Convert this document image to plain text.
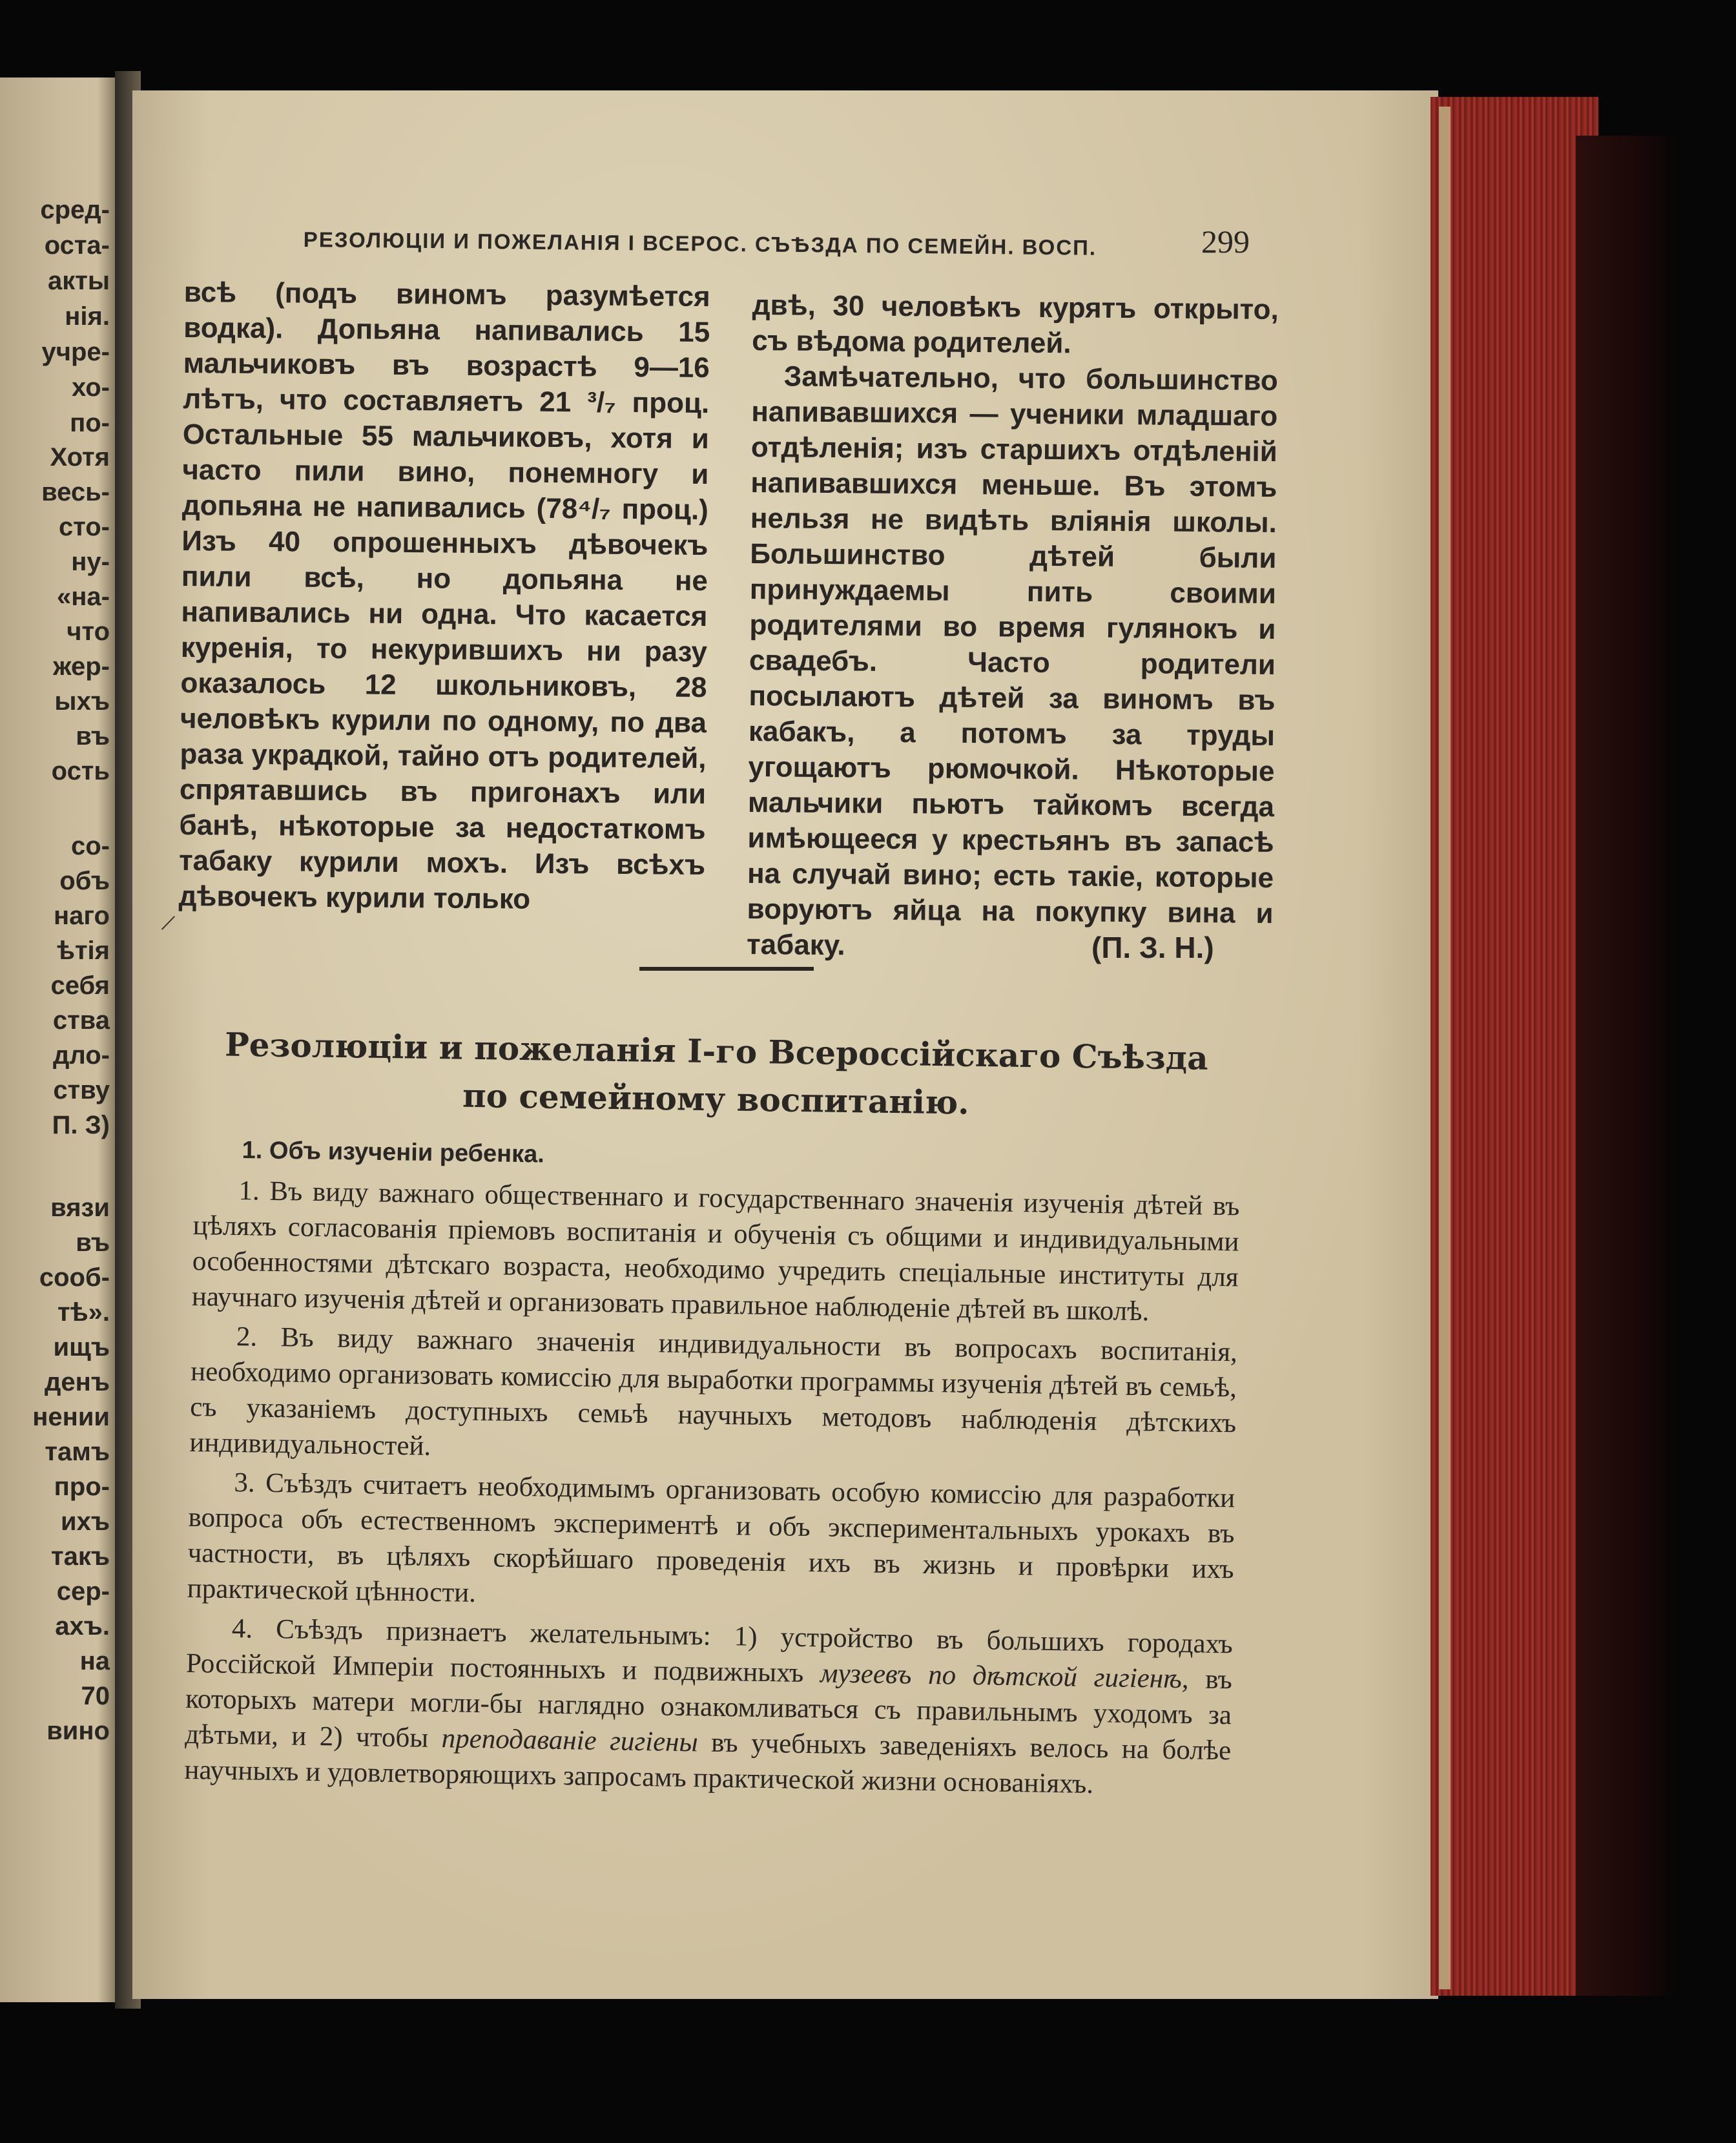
сред-

оста-

акты

нія.

учре-

хо-

по-

Хотя

весь-

сто-

ну-

«на-

что

жер-

ыхъ

въ

ость

со-

объ

наго

ѣтія

себя

ства

дло-

ству

П. З)

вязи

въ

сооб-

тѣ».

ищъ

денъ

нении

тамъ

про-

ихъ

такъ

сер-

ахъ.

на

70

вино

РЕЗОЛЮЦІИ И ПОЖЕЛАНІЯ I ВСЕРОС. СЪѢЗДА ПО СЕМЕЙН. ВОСП.	299

всѣ (подъ виномъ разумѣется водка). Допьяна напивались 15 мальчиковъ въ возрастѣ 9—16 лѣтъ, что составляетъ 21 ³/₇ проц. Остальные 55 мальчиковъ, хотя и часто пили вино, понемногу и допьяна не напивались (78⁴/₇ проц.) Изъ 40 опрошенныхъ дѣвочекъ пили всѣ, но допьяна не напивались ни одна. Что касается куренія, то некурившихъ ни разу оказалось 12 школьниковъ, 28 человѣкъ курили по одному, по два раза украдкой, тайно отъ родителей, спрятавшись въ пригонахъ или банѣ, нѣкоторые за недостаткомъ табаку курили мохъ. Изъ всѣхъ дѣвочекъ курили только

двѣ, 30 человѣкъ курятъ открыто, съ вѣдома родителей.

Замѣчательно, что большинство напивавшихся — ученики младшаго отдѣленія; изъ старшихъ отдѣленій напивавшихся меньше. Въ этомъ нельзя не видѣть вліянія школы. Большинство дѣтей были принуждаемы пить своими родителями во время гулянокъ и свадебъ. Часто родители посылаютъ дѣтей за виномъ въ кабакъ, а потомъ за труды угощаютъ рюмочкой. Нѣкоторые мальчики пьютъ тайкомъ всегда имѣющееся у крестьянъ въ запасѣ на случай вино; есть такіе, которые воруютъ яйца на покупку вина и табаку.	(П. З. Н.)

Резолюціи и пожеланія I-го Всероссійскаго Съѣзда
по семейному воспитанію.

1. Объ изученіи ребенка.

1. Въ виду важнаго общественнаго и государственнаго значенія изученія дѣтей въ цѣляхъ согласованія пріемовъ воспитанія и обученія съ общими и индивидуальными особенностями дѣтскаго возраста, необходимо учредить спеціальные институты для научнаго изученія дѣтей и организовать правильное наблюденіе дѣтей въ школѣ.

2. Въ виду важнаго значенія индивидуальности въ вопросахъ воспитанія, необходимо организовать комиссію для выработки программы изученія дѣтей въ семьѣ, съ указаніемъ доступныхъ семьѣ научныхъ методовъ наблюденія дѣтскихъ индивидуальностей.

3. Съѣздъ считаетъ необходимымъ организовать особую комиссію для разработки вопроса объ естественномъ экспериментѣ и объ экспериментальныхъ урокахъ въ частности, въ цѣляхъ скорѣйшаго проведенія ихъ въ жизнь и провѣрки ихъ практической цѣнности.

4. Съѣздъ признаетъ желательнымъ: 1) устройство въ большихъ городахъ Россійской Имперіи постоянныхъ и подвижныхъ музеевъ по дѣтской гигіенѣ, въ которыхъ матери могли-бы наглядно ознакомливаться съ правильнымъ уходомъ за дѣтьми, и 2) чтобы преподаваніе гигіены въ учебныхъ заведеніяхъ велось на болѣе научныхъ и удовлетворяющихъ запросамъ практической жизни основаніяхъ.

/
